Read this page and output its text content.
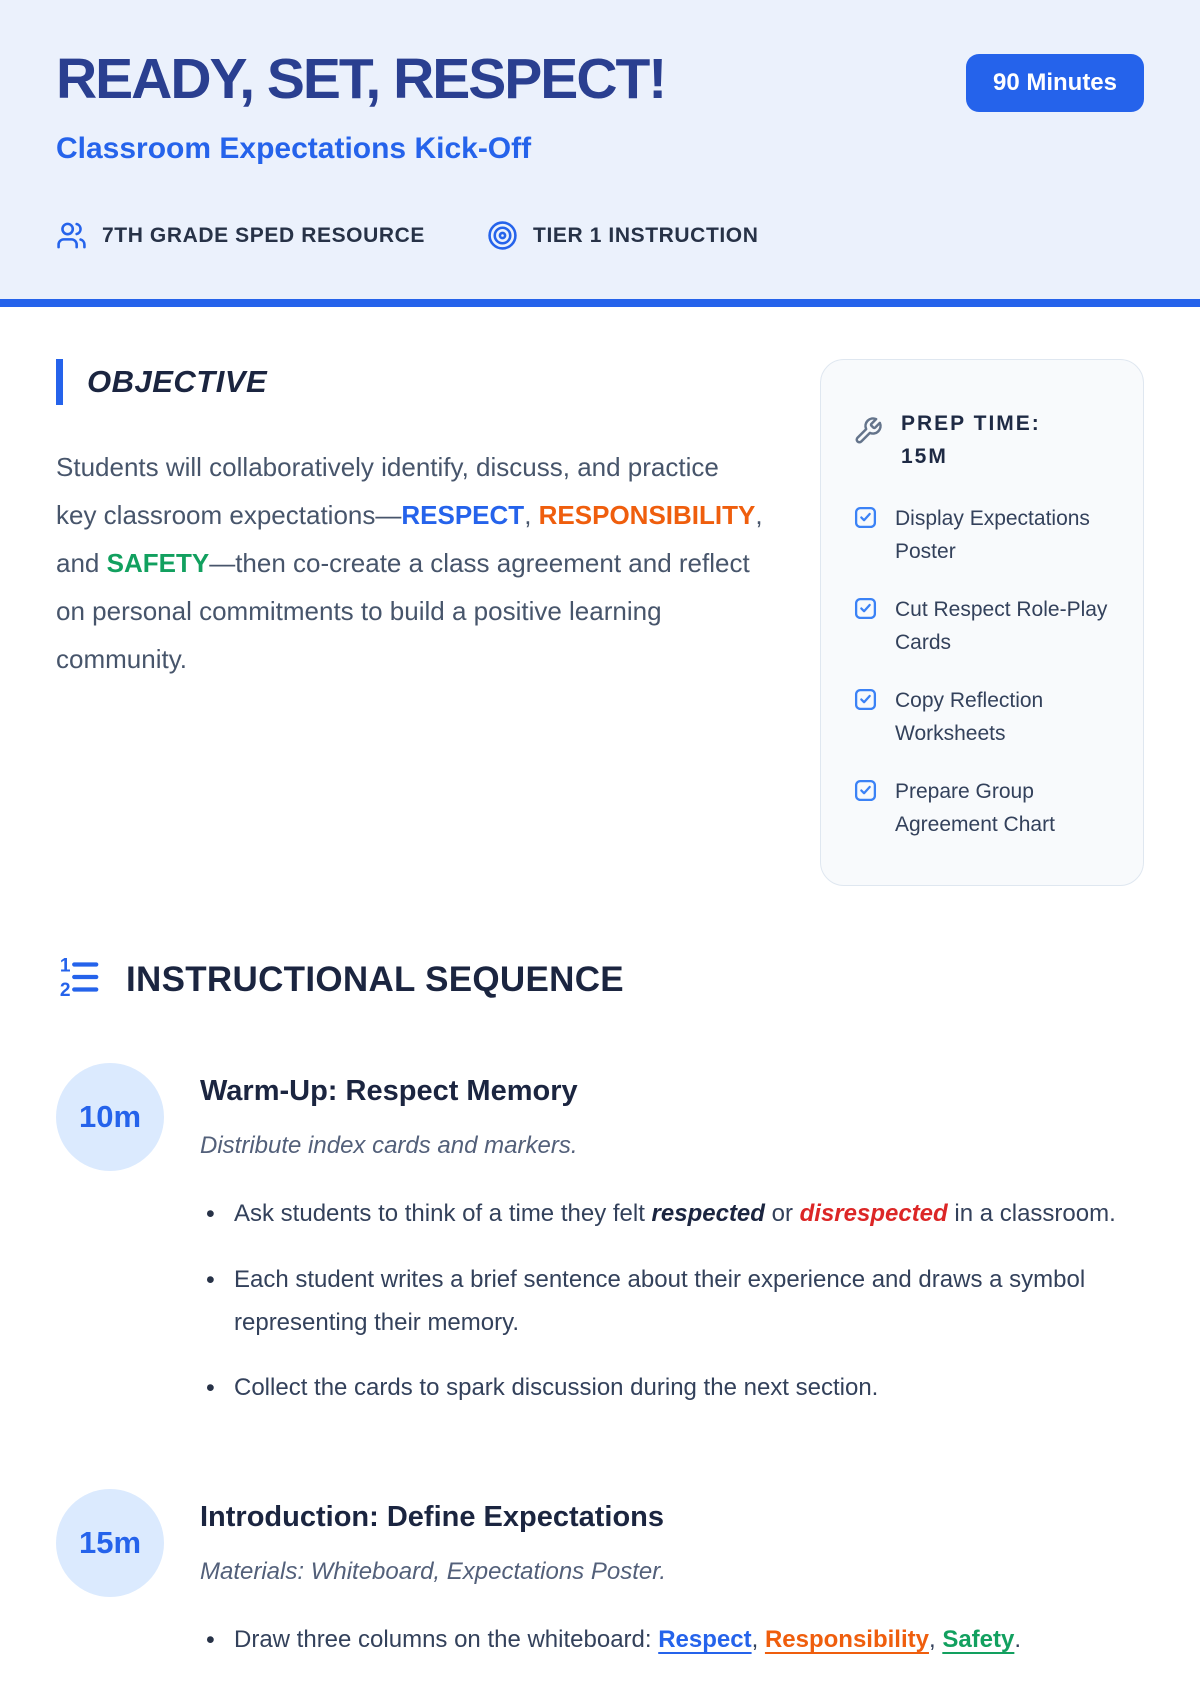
READY, SET, RESPECT!	90 Minutes
Classroom Expectations Kick-Off
7TH GRADE SPED RESOURCE	TIER 1 INSTRUCTION
OBJECTIVE

Students will collaboratively identify, discuss, and practice key classroom expectations—RESPECT, RESPONSIBILITY, and SAFETY—then co-create a class agreement and reflect on personal commitments to build a positive learning community.

PREP TIME: 15M
Display Expectations Poster
Cut Respect Role-Play Cards
Copy Reflection Worksheets
Prepare Group Agreement Chart
1
2 INSTRUCTIONAL SEQUENCE
10m
Warm-Up: Respect Memory

Distribute index cards and markers.

• Ask students to think of a time they felt respected or disrespected in a classroom.
• Each student writes a brief sentence about their experience and draws a symbol representing their memory.
• Collect the cards to spark discussion during the next section.
15m
Introduction: Define Expectations

Materials: Whiteboard, Expectations Poster.

• Draw three columns on the whiteboard: Respect, Responsibility, Safety.
